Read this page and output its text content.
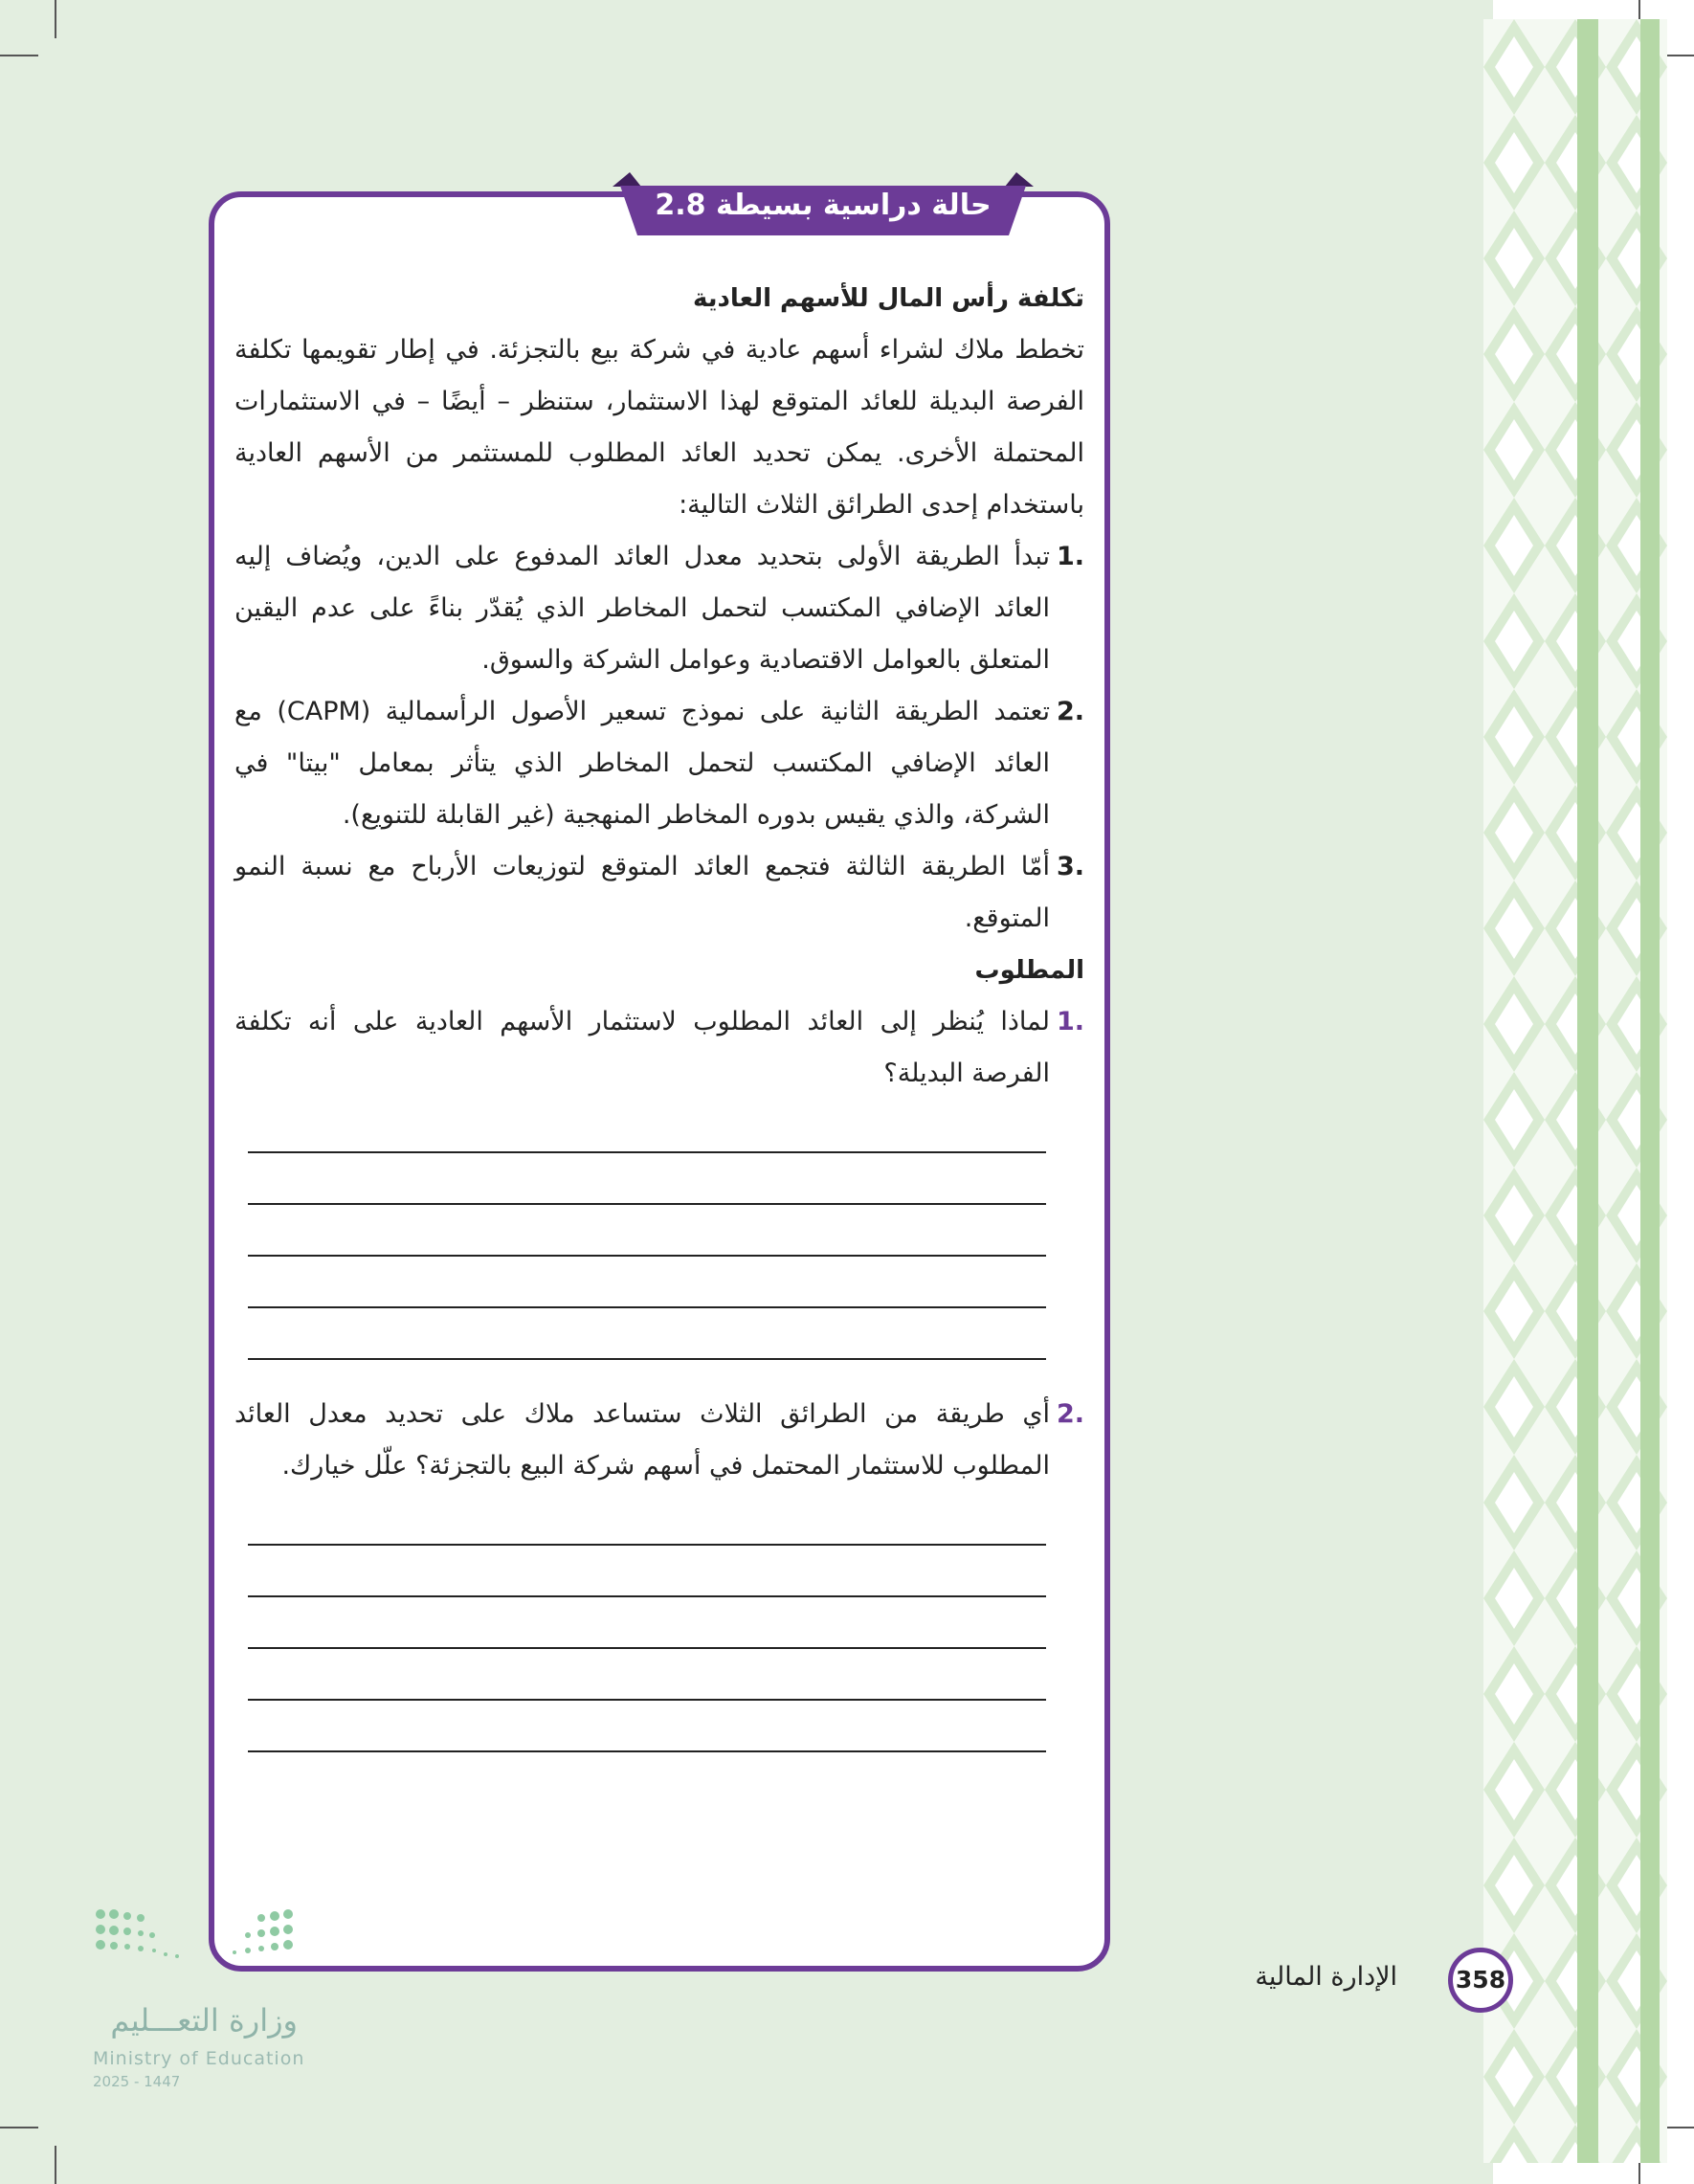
حالة دراسية بسيطة 2.8
تكلفة رأس المال للأسهم العادية

تخطط ملاك لشراء أسهم عادية في شركة بيع بالتجزئة. في إطار تقويمها تكلفة الفرصة البديلة للعائد المتوقع لهذا الاستثمار، ستنظر – أيضًا – في الاستثمارات المحتملة الأخرى. يمكن تحديد العائد المطلوب للمستثمر من الأسهم العادية باستخدام إحدى الطرائق الثلاث التالية:

.1
تبدأ الطريقة الأولى بتحديد معدل العائد المدفوع على الدين، ويُضاف إليه العائد الإضافي المكتسب لتحمل المخاطر الذي يُقدّر بناءً على عدم اليقين المتعلق بالعوامل الاقتصادية وعوامل الشركة والسوق.
.2
تعتمد الطريقة الثانية على نموذج تسعير الأصول الرأسمالية (CAPM) مع العائد الإضافي المكتسب لتحمل المخاطر الذي يتأثر بمعامل "بيتا" في الشركة، والذي يقيس بدوره المخاطر المنهجية (غير القابلة للتنويع).
.3
أمّا الطريقة الثالثة فتجمع العائد المتوقع لتوزيعات الأرباح مع نسبة النمو المتوقع.
المطلوب
.1
لماذا يُنظر إلى العائد المطلوب لاستثمار الأسهم العادية على أنه تكلفة الفرصة البديلة؟
.2
أي طريقة من الطرائق الثلاث ستساعد ملاك على تحديد معدل العائد المطلوب للاستثمار المحتمل في أسهم شركة البيع بالتجزئة؟ علّل خيارك.
الإدارة المالية	358
وزارة التعـــليم
Ministry of Education
2025 - 1447
